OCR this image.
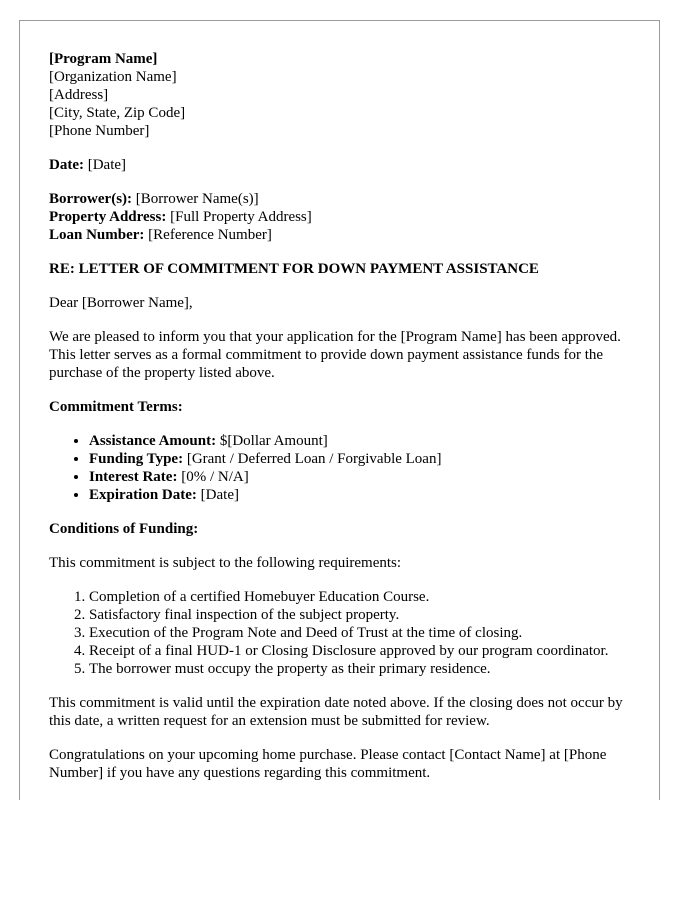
[Program Name]
[Organization Name]
[Address]
[City, State, Zip Code]
[Phone Number]
Date: [Date]
Borrower(s): [Borrower Name(s)]
Property Address: [Full Property Address]
Loan Number: [Reference Number]
RE: LETTER OF COMMITMENT FOR DOWN PAYMENT ASSISTANCE
Dear [Borrower Name],
We are pleased to inform you that your application for the [Program Name] has been approved. This letter serves as a formal commitment to provide down payment assistance funds for the purchase of the property listed above.
Commitment Terms:
• Assistance Amount: $[Dollar Amount]
• Funding Type: [Grant / Deferred Loan / Forgivable Loan]
• Interest Rate: [0% / N/A]
• Expiration Date: [Date]
Conditions of Funding:
This commitment is subject to the following requirements:
1. Completion of a certified Homebuyer Education Course.
2. Satisfactory final inspection of the subject property.
3. Execution of the Program Note and Deed of Trust at the time of closing.
4. Receipt of a final HUD-1 or Closing Disclosure approved by our program coordinator.
5. The borrower must occupy the property as their primary residence.
This commitment is valid until the expiration date noted above. If the closing does not occur by this date, a written request for an extension must be submitted for review.
Congratulations on your upcoming home purchase. Please contact [Contact Name] at [Phone Number] if you have any questions regarding this commitment.
